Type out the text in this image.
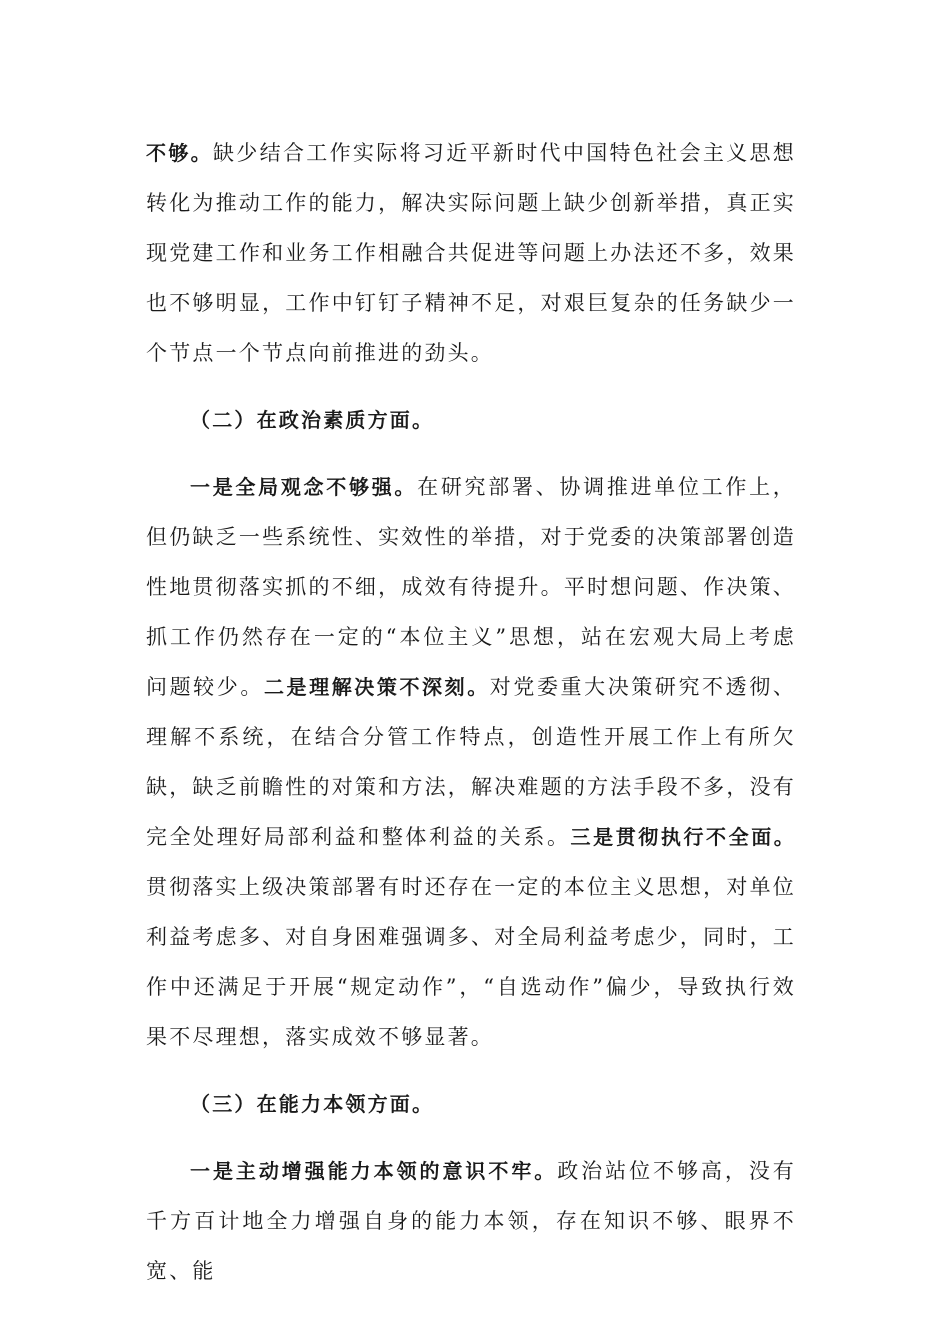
不够。缺少结合工作实际将习近平新时代中国特色社会主义思想转化为推动工作的能力，解决实际问题上缺少创新举措，真正实现党建工作和业务工作相融合共促进等问题上办法还不多，效果也不够明显，工作中钉钉子精神不足，对艰巨复杂的任务缺少一个节点一个节点向前推进的劲头。

（二）在政治素质方面。

一是全局观念不够强。在研究部署、协调推进单位工作上，但仍缺乏一些系统性、实效性的举措，对于党委的决策部署创造性地贯彻落实抓的不细，成效有待提升。平时想问题、作决策、抓工作仍然存在一定的“本位主义”思想，站在宏观大局上考虑问题较少。二是理解决策不深刻。对党委重大决策研究不透彻、理解不系统，在结合分管工作特点，创造性开展工作上有所欠缺，缺乏前瞻性的对策和方法，解决难题的方法手段不多，没有完全处理好局部利益和整体利益的关系。三是贯彻执行不全面。贯彻落实上级决策部署有时还存在一定的本位主义思想，对单位利益考虑多、对自身困难强调多、对全局利益考虑少，同时，工作中还满足于开展“规定动作”，“自选动作”偏少，导致执行效果不尽理想，落实成效不够显著。

（三）在能力本领方面。

一是主动增强能力本领的意识不牢。政治站位不够高，没有千方百计地全力增强自身的能力本领，存在知识不够、眼界不宽、能
